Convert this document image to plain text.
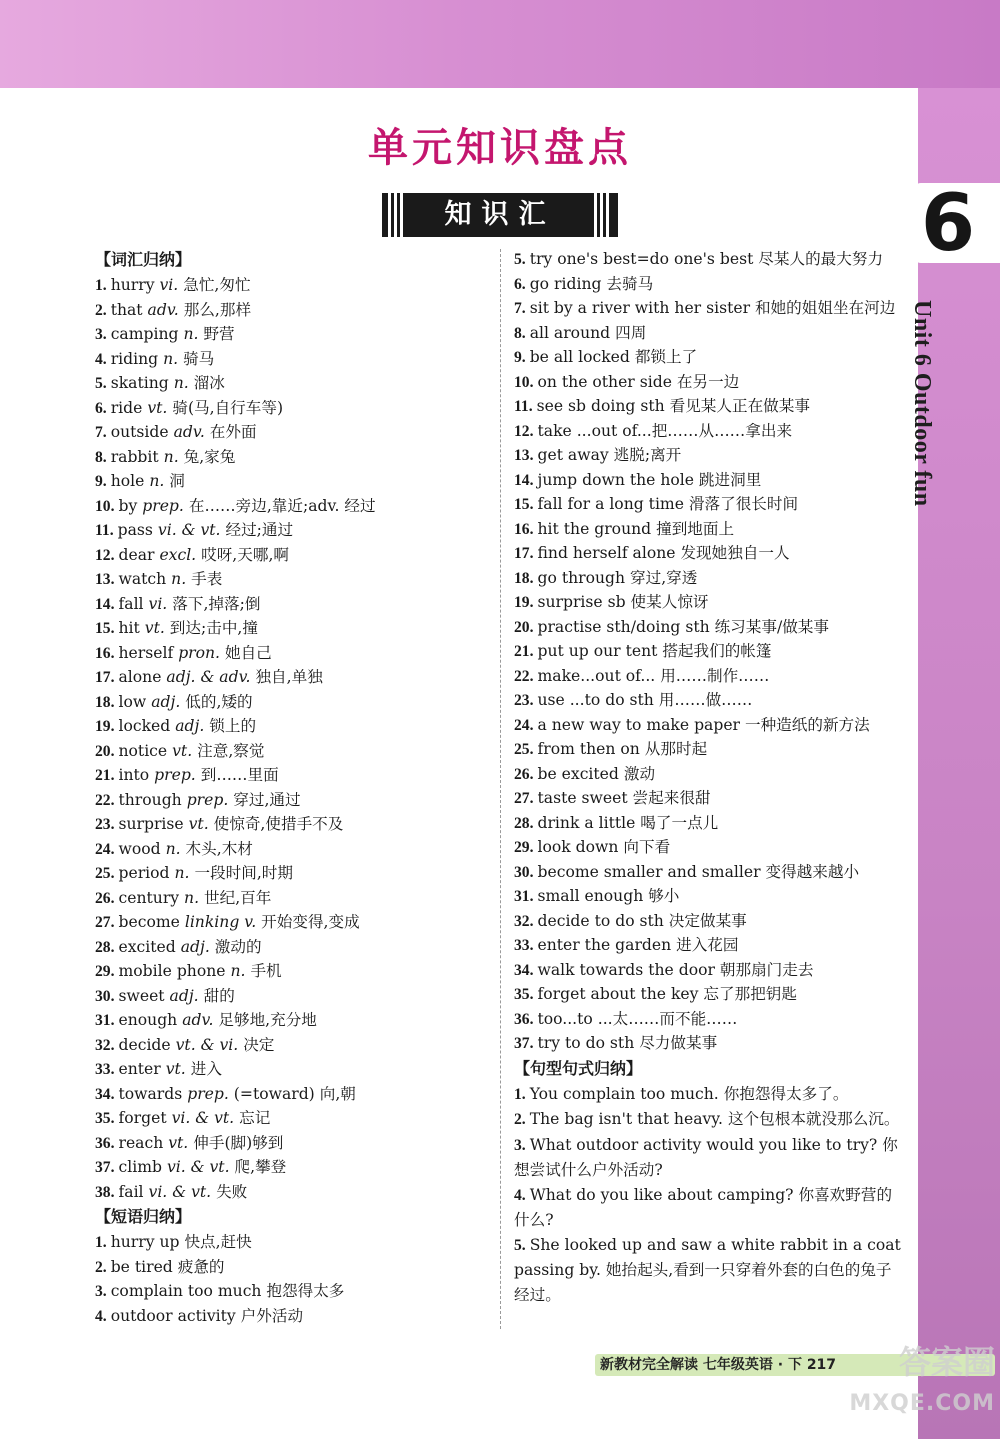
6
Unit 6 Outdoor fun
单元知识盘点
知识汇
【词汇归纳】
1. hurry vi. 急忙,匆忙
2. that adv. 那么,那样
3. camping n. 野营
4. riding n. 骑马
5. skating n. 溜冰
6. ride vt. 骑(马,自行车等)
7. outside adv. 在外面
8. rabbit n. 兔,家兔
9. hole n. 洞
10. by prep. 在……旁边,靠近;adv. 经过
11. pass vi. & vt. 经过;通过
12. dear excl. 哎呀,天哪,啊
13. watch n. 手表
14. fall vi. 落下,掉落;倒
15. hit vt. 到达;击中,撞
16. herself pron. 她自己
17. alone adj. & adv. 独自,单独
18. low adj. 低的,矮的
19. locked adj. 锁上的
20. notice vt. 注意,察觉
21. into prep. 到……里面
22. through prep. 穿过,通过
23. surprise vt. 使惊奇,使措手不及
24. wood n. 木头,木材
25. period n. 一段时间,时期
26. century n. 世纪,百年
27. become linking v. 开始变得,变成
28. excited adj. 激动的
29. mobile phone n. 手机
30. sweet adj. 甜的
31. enough adv. 足够地,充分地
32. decide vt. & vi. 决定
33. enter vt. 进入
34. towards prep. (=toward) 向,朝
35. forget vi. & vt. 忘记
36. reach vt. 伸手(脚)够到
37. climb vi. & vt. 爬,攀登
38. fail vi. & vt. 失败
【短语归纳】
1. hurry up 快点,赶快
2. be tired 疲惫的
3. complain too much 抱怨得太多
4. outdoor activity 户外活动
5. try one's best=do one's best 尽某人的最大努力
6. go riding 去骑马
7. sit by a river with her sister 和她的姐姐坐在河边
8. all around 四周
9. be all locked 都锁上了
10. on the other side 在另一边
11. see sb doing sth 看见某人正在做某事
12. take ...out of...把……从……拿出来
13. get away 逃脱;离开
14. jump down the hole 跳进洞里
15. fall for a long time 滑落了很长时间
16. hit the ground 撞到地面上
17. find herself alone 发现她独自一人
18. go through 穿过,穿透
19. surprise sb 使某人惊讶
20. practise sth/doing sth 练习某事/做某事
21. put up our tent 搭起我们的帐篷
22. make...out of... 用……制作……
23. use ...to do sth 用……做……
24. a new way to make paper 一种造纸的新方法
25. from then on 从那时起
26. be excited 激动
27. taste sweet 尝起来很甜
28. drink a little 喝了一点儿
29. look down 向下看
30. become smaller and smaller 变得越来越小
31. small enough 够小
32. decide to do sth 决定做某事
33. enter the garden 进入花园
34. walk towards the door 朝那扇门走去
35. forget about the key 忘了那把钥匙
36. too...to ...太……而不能……
37. try to do sth 尽力做某事
【句型句式归纳】
1. You complain too much. 你抱怨得太多了。
2. The bag isn't that heavy. 这个包根本就没那么沉。
3. What outdoor activity would you like to try? 你想尝试什么户外活动?
4. What do you like about camping? 你喜欢野营的什么?
5. She looked up and saw a white rabbit in a coat passing by. 她抬起头,看到一只穿着外套的白色的兔子经过。
新教材完全解读 七年级英语 · 下 217	答案圈
MXQE.COM
